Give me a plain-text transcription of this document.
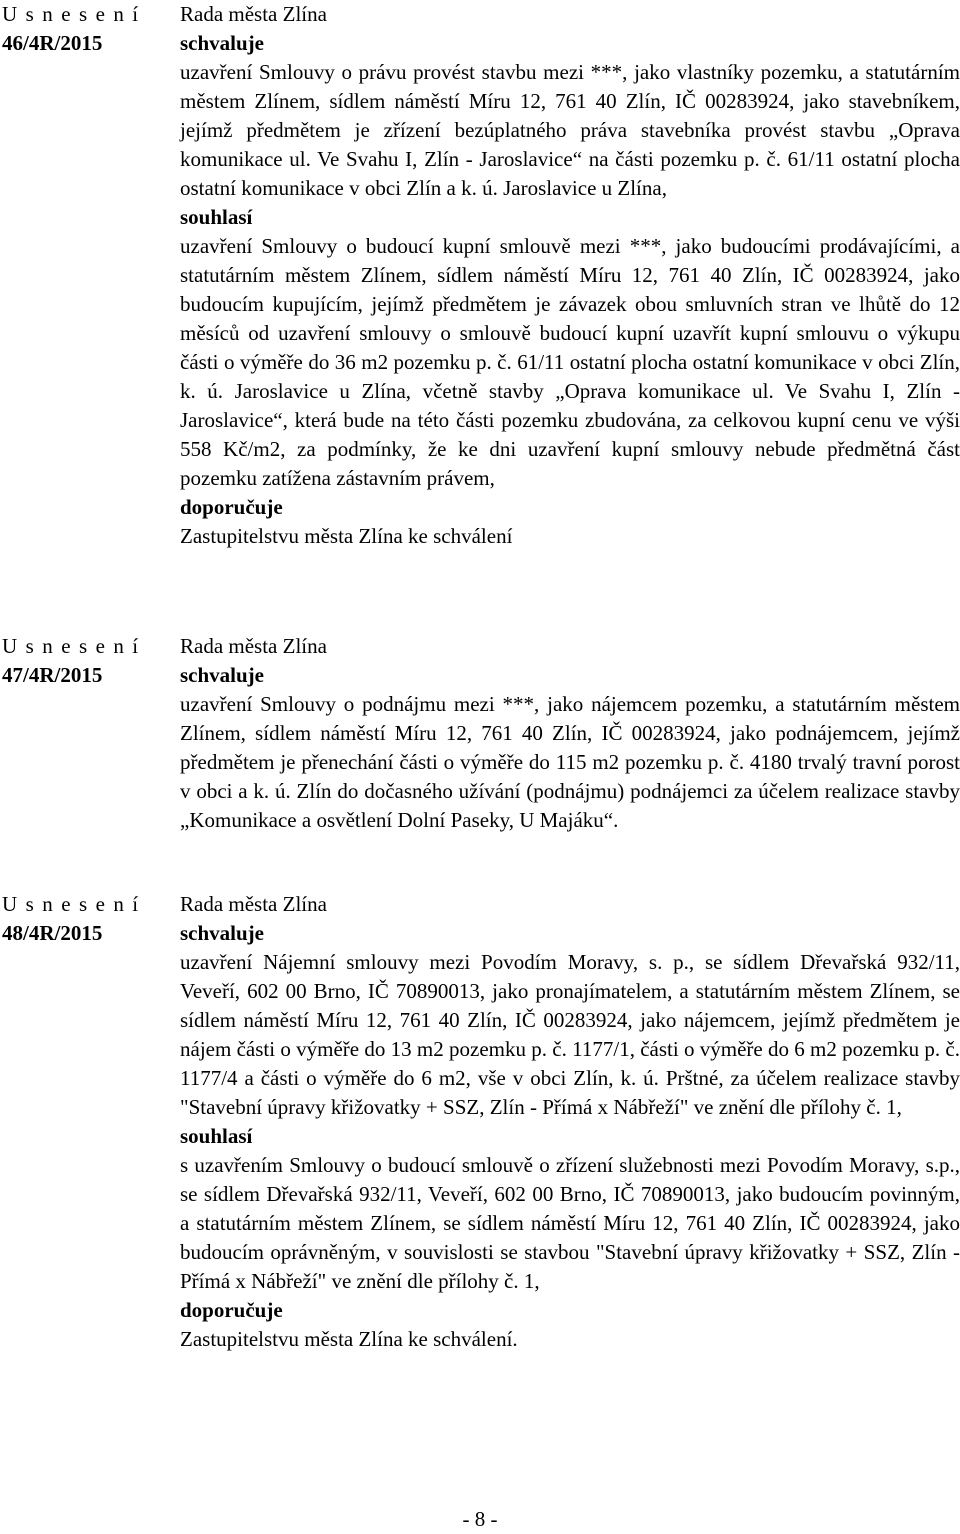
U s n e s e n í
46/4R/2015

Rada města Zlína

schvaluje

uzavření Smlouvy o právu provést stavbu mezi ***, jako vlastníky pozemku, a statutárním městem Zlínem, sídlem náměstí Míru 12, 761 40 Zlín, IČ 00283924, jako stavebníkem, jejímž předmětem je zřízení bezúplatného práva stavebníka provést stavbu „Oprava komunikace ul. Ve Svahu I, Zlín - Jaroslavice“ na části pozemku p. č. 61/11 ostatní plocha ostatní komunikace v obci Zlín a k. ú. Jaroslavice u Zlína,

souhlasí

uzavření Smlouvy o budoucí kupní smlouvě mezi ***, jako budoucími prodávajícími, a statutárním městem Zlínem, sídlem náměstí Míru 12, 761 40 Zlín, IČ 00283924, jako budoucím kupujícím, jejímž předmětem je závazek obou smluvních stran ve lhůtě do 12 měsíců od uzavření smlouvy o smlouvě budoucí kupní uzavřít kupní smlouvu o výkupu části o výměře do 36 m2 pozemku p. č. 61/11 ostatní plocha ostatní komunikace v obci Zlín, k. ú. Jaroslavice u Zlína, včetně stavby „Oprava komunikace ul. Ve Svahu I, Zlín - Jaroslavice“, která bude na této části pozemku zbudována, za celkovou kupní cenu ve výši 558 Kč/m2, za podmínky, že ke dni uzavření kupní smlouvy nebude předmětná část pozemku zatížena zástavním právem,

doporučuje

Zastupitelstvu města Zlína ke schválení

U s n e s e n í
47/4R/2015

Rada města Zlína

schvaluje

uzavření Smlouvy o podnájmu mezi ***, jako nájemcem pozemku, a statutárním městem Zlínem, sídlem náměstí Míru 12, 761 40 Zlín, IČ 00283924, jako podnájemcem, jejímž předmětem je přenechání části o výměře do 115 m2 pozemku p. č. 4180 trvalý travní porost v obci a k. ú. Zlín do dočasného užívání (podnájmu) podnájemci za účelem realizace stavby „Komunikace a osvětlení Dolní Paseky, U Majáku“.

U s n e s e n í
48/4R/2015

Rada města Zlína

schvaluje

uzavření Nájemní smlouvy mezi Povodím Moravy, s. p., se sídlem Dřevařská 932/11, Veveří, 602 00 Brno, IČ 70890013, jako pronajímatelem, a statutárním městem Zlínem, se sídlem náměstí Míru 12, 761 40 Zlín, IČ 00283924, jako nájemcem, jejímž předmětem je nájem části o výměře do 13 m2 pozemku p. č. 1177/1, části o výměře do 6 m2 pozemku p. č. 1177/4 a části o výměře do 6 m2, vše v obci Zlín, k. ú. Prštné, za účelem realizace stavby "Stavební úpravy křižovatky + SSZ, Zlín - Přímá x Nábřeží" ve znění dle přílohy č. 1,

souhlasí

s uzavřením Smlouvy o budoucí smlouvě o zřízení služebnosti mezi Povodím Moravy, s.p., se sídlem Dřevařská 932/11, Veveří, 602 00 Brno, IČ 70890013, jako budoucím povinným, a statutárním městem Zlínem, se sídlem náměstí Míru 12, 761 40 Zlín, IČ 00283924, jako budoucím oprávněným, v souvislosti se stavbou "Stavební úpravy křižovatky + SSZ, Zlín - Přímá x Nábřeží" ve znění dle přílohy č. 1,

doporučuje

Zastupitelstvu města Zlína ke schválení.

- 8 -
